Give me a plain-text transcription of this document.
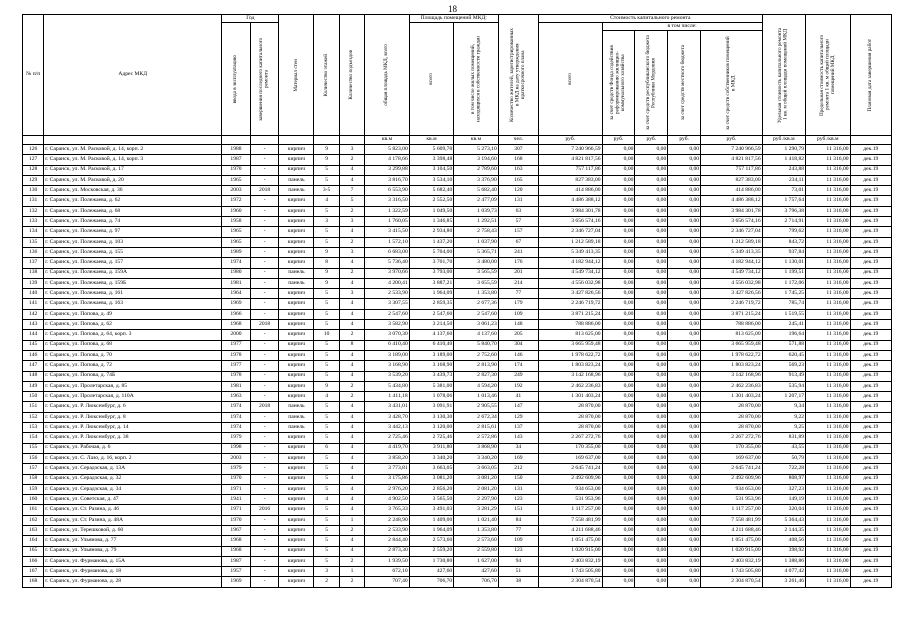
18
№ п/п	Адрес МКД	Год		Материал стен	Количество этажей	Количество подъездов	общая площадь МКД, всего	Площадь помещений МКД:		Количество жителей, зарегистрированных в МКД на дату утверждения краткосрочного плана	Стоимость капитального ремонта					Удельная стоимость капитального ремонта 1 кв. м общей площади помещений МКД	Предельная стоимость капитального ремонта 1 кв. м общей площади помещений МКД	Плановая дата завершения работ

		ввода в эксплуатацию	завершения последнего капитального ремонта					всего	в том числе жилых помещений, находящихся в собственности граждан		всего	в том числе:						

												за счет средств Фонда содействия реформированию жилищно-коммунального хозяйства	за счет средств республиканского бюджета Республики Мордовия	за счет средств местного бюджета	за счет средств собственников помещений в МКД			

							кв.м	кв.м	кв.м	чел.	руб.	руб.	руб.	руб.	руб.	руб./кв.м	руб./кв.м	
126	г. Саранск, ул. М. Расковой, д. 14, корп. 2	1988	-	кирпич	9	3	5 823,00	5 609,70	5 273,10	307	7 240 966,59	0,00	0,00	0,00	7 240 966,59	1 290,79	11 316,00	дек.19
127	г. Саранск, ул. М. Расковой, д. 14, корп. 3	1987	-	кирпич	9	2	4 178,66	3 398,48	3 194,60	168	4 821 817,56	0,00	0,00	0,00	4 821 817,56	1 418,82	11 316,00	дек.19
128	г. Саранск, ул. М. Расковой, д. 17	1970	-	кирпич	5	4	3 299,88	3 104,50	2 789,60	163	757 117,86	0,00	0,00	0,00	757 117,86	243,88	11 316,00	дек.19
129	г. Саранск, ул. М. Расковой, д. 20	1965	-	панель	5	4	3 816,70	3 534,10	3 376,90	165	827 383,00	0,00	0,00	0,00	827 383,00	234,11	11 316,00	дек.19
130	г. Саранск, ул. Московская, д. 36	2003	2018	панель	3-5	7	6 553,90	5 682,40	5 682,40	120	414 886,00	0,00	0,00	0,00	414 886,00	73,01	11 316,00	дек.19
131	г. Саранск, ул. Полежаева, д. 62	1972	-	кирпич	4	5	3 316,50	2 552,50	2 477,09	131	4 486 388,12	0,00	0,00	0,00	4 486 388,12	1 757,64	11 316,00	дек.19
132	г. Саранск, ул. Полежаева, д. 68	1960	-	кирпич	5	2	1 322,59	1 049,50	1 039,73	63	3 984 301,78	0,00	0,00	0,00	3 984 301,78	3 796,38	11 316,00	дек.19
133	г. Саранск, ул. Полежаева, д. 74	1958	-	кирпич	3	3	1 760,05	1 346,85	1 292,51	57	3 656 574,16	0,00	0,00	0,00	3 656 574,16	2 714,91	11 316,00	дек.19
134	г. Саранск, ул. Полежаева, д. 97	1965	-	кирпич	5	4	3 415,50	2 934,80	2 758,43	157	2 346 727,04	0,00	0,00	0,00	2 346 727,04	799,62	11 316,00	дек.19
135	г. Саранск, ул. Полежаева, д. 103	1965	-	кирпич	5	2	1 572,10	1 437,20	1 037,90	67	1 212 589,18	0,00	0,00	0,00	1 212 589,18	843,72	11 316,00	дек.19
136	г. Саранск, ул. Полежаева, д. 155	1989	-	кирпич	9	3	6 683,00	5 704,00	5 365,71	241	5 349 413,35	0,00	0,00	0,00	5 349 413,35	937,84	11 316,00	дек.19
137	г. Саранск, ул. Полежаева, д. 157	1974	-	кирпич	8	4	5 736,40	3 701,70	3 480,00	176	4 182 944,12	0,00	0,00	0,00	4 182 944,12	1 130,01	11 316,00	дек.19
138	г. Саранск, ул. Полежаева, д. 159А	1980	-	панель	9	2	3 970,66	3 793,00	3 565,59	201	4 549 734,12	0,00	0,00	0,00	4 549 734,12	1 199,51	11 316,00	дек.19
139	г. Саранск, ул. Полежаева, д. 159Б	1981	-	панель	9	4	4 200,41	3 887,21	3 655,59	214	4 556 032,98	0,00	0,00	0,00	4 556 032,98	1 172,06	11 316,00	дек.19
140	г. Саранск, ул. Полежаева, д. 161	1964	-	кирпич	5	3	2 533,90	1 964,09	1 353,80	77	3 427 826,56	0,00	0,00	0,00	3 427 826,56	1 745,25	11 316,00	дек.19
141	г. Саранск, ул. Полежаева, д. 163	1969	-	кирпич	5	4	3 307,55	2 859,35	2 677,36	179	2 246 719,72	0,00	0,00	0,00	2 246 719,72	785,74	11 316,00	дек.19
142	г. Саранск, ул. Попова, д. 49	1966	-	кирпич	5	4	2 547,60	2 547,60	2 547,60	109	3 871 215,24	0,00	0,00	0,00	3 871 215,24	1 519,55	11 316,00	дек.19
143	г. Саранск, ул. Попова, д. 62	1968	2018	кирпич	5	4	3 582,90	3 214,50	3 061,23	148	788 886,00	0,00	0,00	0,00	788 886,00	245,41	11 316,00	дек.19
144	г. Саранск, ул. Попова, д. 64, корп. 3	2000	-	кирпич	10	2	3 070,30	4 137,60	4 137,60	205	813 625,00	0,00	0,00	0,00	813 625,00	196,64	11 316,00	дек.19
145	г. Саранск, ул. Попова, д. 68	1977	-	кирпич	5	8	6 410,40	6 410,40	5 840,70	304	3 665 959,48	0,00	0,00	0,00	3 665 959,48	571,88	11 316,00	дек.19
146	г. Саранск, ул. Попова, д. 70	1978	-	кирпич	5	4	3 189,00	3 189,00	2 752,60	146	1 978 622,72	0,00	0,00	0,00	1 978 622,72	620,45	11 316,00	дек.19
147	г. Саранск, ул. Попова, д. 72	1977	-	кирпич	5	4	3 168,90	3 168,90	2 813,90	174	1 803 823,24	0,00	0,00	0,00	1 803 823,24	569,23	11 316,00	дек.19
148	г. Саранск, ул. Попова, д. 74Б	1978	-	кирпич	5	4	3 539,20	3 439,73	2 827,30	249	3 142 168,96	0,00	0,00	0,00	3 142 168,96	913,49	11 316,00	дек.19
149	г. Саранск, ул. Пролетарская, д. 85	1981	-	кирпич	9	2	5 434,80	5 381,00	4 594,20	192	2 462 236,83	0,00	0,00	0,00	2 462 236,83	535,94	11 316,00	дек.19
150	г. Саранск, ул. Пролетарская, д. 110А	1963	-	кирпич	4	2	1 411,18	1 078,06	1 013,46	41	1 301 403,24	0,00	0,00	0,00	1 301 403,24	1 207,17	11 316,00	дек.19
151	г. Саранск, ул. Р. Люксембург, д. 6	1974	2018	панель	5	4	3 431,01	3 091,91	2 905,55	147	28 870,00	0,00	0,00	0,00	28 870,00	9,34	11 316,00	дек.19
152	г. Саранск, ул. Р. Люксембург, д. 8	1974	-	панель	5	4	3 428,70	3 130,30	2 672,34	129	28 870,00	0,00	0,00	0,00	28 870,00	9,22	11 316,00	дек.19
153	г. Саранск, ул. Р. Люксембург, д. 14	1974	-	панель	5	4	3 442,13	3 120,00	2 815,61	137	28 870,00	0,00	0,00	0,00	28 870,00	9,25	11 316,00	дек.19
154	г. Саранск, ул. Р. Люксембург, д. 38	1979	-	кирпич	5	4	2 725,46	2 725,46	2 572,86	143	2 267 272,76	0,00	0,00	0,00	2 267 272,76	831,89	11 316,00	дек.19
155	г. Саранск, ул. Рабочая, д. 6	1998	-	кирпич	6	4	4 419,70	3 911,80	3 868,90	34	170 355,00	0,00	0,00	0,00	170 355,00	43,55	11 316,00	дек.19
156	г. Саранск, ул. С. Лазо, д. 16, корп. 2	2003	-	кирпич	5	4	3 858,20	3 340,20	3 340,20	169	169 637,00	0,00	0,00	0,00	169 637,00	50,79	11 316,00	дек.19
157	г. Саранск, ул. Серадзская, д. 13А	1979	-	кирпич	5	4	3 773,81	3 663,05	3 663,05	212	2 645 741,24	0,00	0,00	0,00	2 645 741,24	722,28	11 316,00	дек.19
158	г. Саранск, ул. Серадзская, д. 32	1970	-	кирпич	5	4	3 175,86	3 081,20	3 081,20	150	2 492 609,96	0,00	0,00	0,00	2 492 609,96	808,97	11 316,00	дек.19
159	г. Саранск, ул. Серадзская, д. 34	1971	-	кирпич	5	4	2 976,20	2 856,20	2 081,20	131	934 653,00	0,00	0,00	0,00	934 653,00	327,23	11 316,00	дек.19
160	г. Саранск, ул. Советская, д. 47	1941	-	кирпич	4	4	4 902,50	3 565,50	2 297,90	123	531 953,96	0,00	0,00	0,00	531 953,96	149,19	11 316,00	дек.19
161	г. Саранск, ул. Ст. Разина, д. 46	1971	2016	кирпич	5	4	3 765,33	3 491,03	3 281,29	151	1 117 257,00	0,00	0,00	0,00	1 117 257,00	320,04	11 316,00	дек.19
162	г. Саранск, ул. Ст. Разина, д. 48А	1970	-	кирпич	5	1	2 248,90	1 409,00	1 021,40	84	7 558 481,99	0,00	0,00	0,00	7 558 481,99	5 364,43	11 316,00	дек.19
163	г. Саранск, ул. Терешковой, д. 60	1967	-	кирпич	5	2	2 533,90	1 964,09	1 353,80	77	4 211 688,46	0,00	0,00	0,00	4 211 688,46	2 144,35	11 316,00	дек.19
164	г. Саранск, ул. Ульянова, д. 77	1968	-	кирпич	5	4	2 844,40	2 573,60	2 573,60	109	1 051 475,00	0,00	0,00	0,00	1 051 475,00	408,56	11 316,00	дек.19
165	г. Саранск, ул. Ульянова, д. 79	1968	-	кирпич	5	4	2 873,30	2 559,20	2 559,80	123	1 020 915,00	0,00	0,00	0,00	1 020 915,00	398,92	11 316,00	дек.19
166	г. Саранск, ул. Фурманова, д. 15А	1987	-	кирпич	5	2	1 939,50	1 730,80	1 627,00	94	2 403 832,19	0,00	0,00	0,00	2 403 832,19	1 388,86	11 316,00	дек.19
167	г. Саранск, ул. Фурманова, д. 18	1957	-	кирпич	3	1	672,10	427,60	427,60	51	1 743 505,80	0,00	0,00	0,00	1 743 505,80	4 077,42	11 316,00	дек.19
168	г. Саранск, ул. Фурманова, д. 28	1969	-	кирпич	2	2	707,40	706,70	706,70	38	2 304 870,54	0,00	0,00	0,00	2 304 870,54	3 261,46	11 316,00	дек.19
